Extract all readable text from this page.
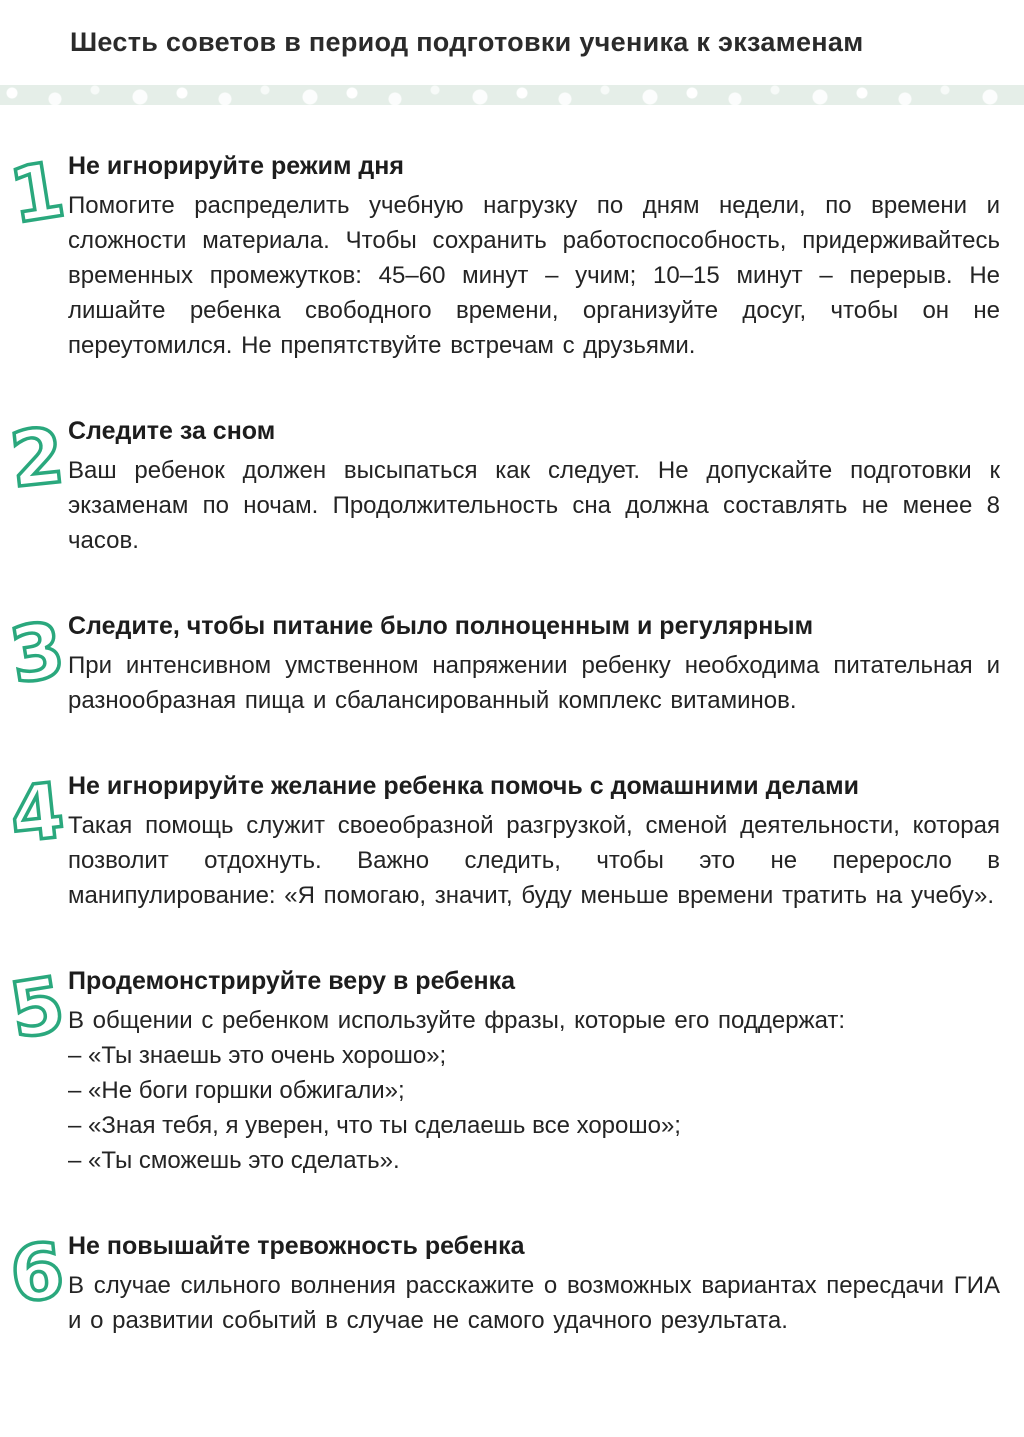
Шесть советов в период подготовки ученика к экзаменам
1
Не игнорируйте режим дня

Помогите распределить учебную нагрузку по дням недели, по времени и сложности материала. Чтобы сохранить работоспособность, придерживайтесь временных промежутков: 45–60 минут – учим; 10–15 минут – перерыв. Не лишайте ребенка свободного времени, организуйте досуг, чтобы он не переутомился. Не препятствуйте встречам с друзьями.

2 Следите за сном

Ваш ребенок должен высыпаться как следует. Не допускайте подготовки к экзаменам по ночам. Продолжительность сна должна составлять не менее 8 часов.

3
Следите, чтобы питание было полноценным и регулярным

При интенсивном умственном напряжении ребенку необходима питательная и разнообразная пища и сбалансированный комплекс витаминов.

4 Не игнорируйте желание ребенка помочь с домашними делами

Такая помощь служит своеобразной разгрузкой, сменой деятельности, которая позволит отдохнуть. Важно следить, чтобы это не переросло в манипулирование: «Я помогаю, значит, буду меньше времени тратить на учебу».

5
Продемонстрируйте веру в ребенка

В общении с ребенком используйте фразы, которые его поддержат:

– «Ты знаешь это очень хорошо»;
– «Не боги горшки обжигали»;
– «Зная тебя, я уверен, что ты сделаешь все хорошо»;
– «Ты сможешь это сделать».
6 Не повышайте тревожность ребенка

В случае сильного волнения расскажите о возможных вариантах пересдачи ГИА и о развитии событий в случае не самого удачного результата.
